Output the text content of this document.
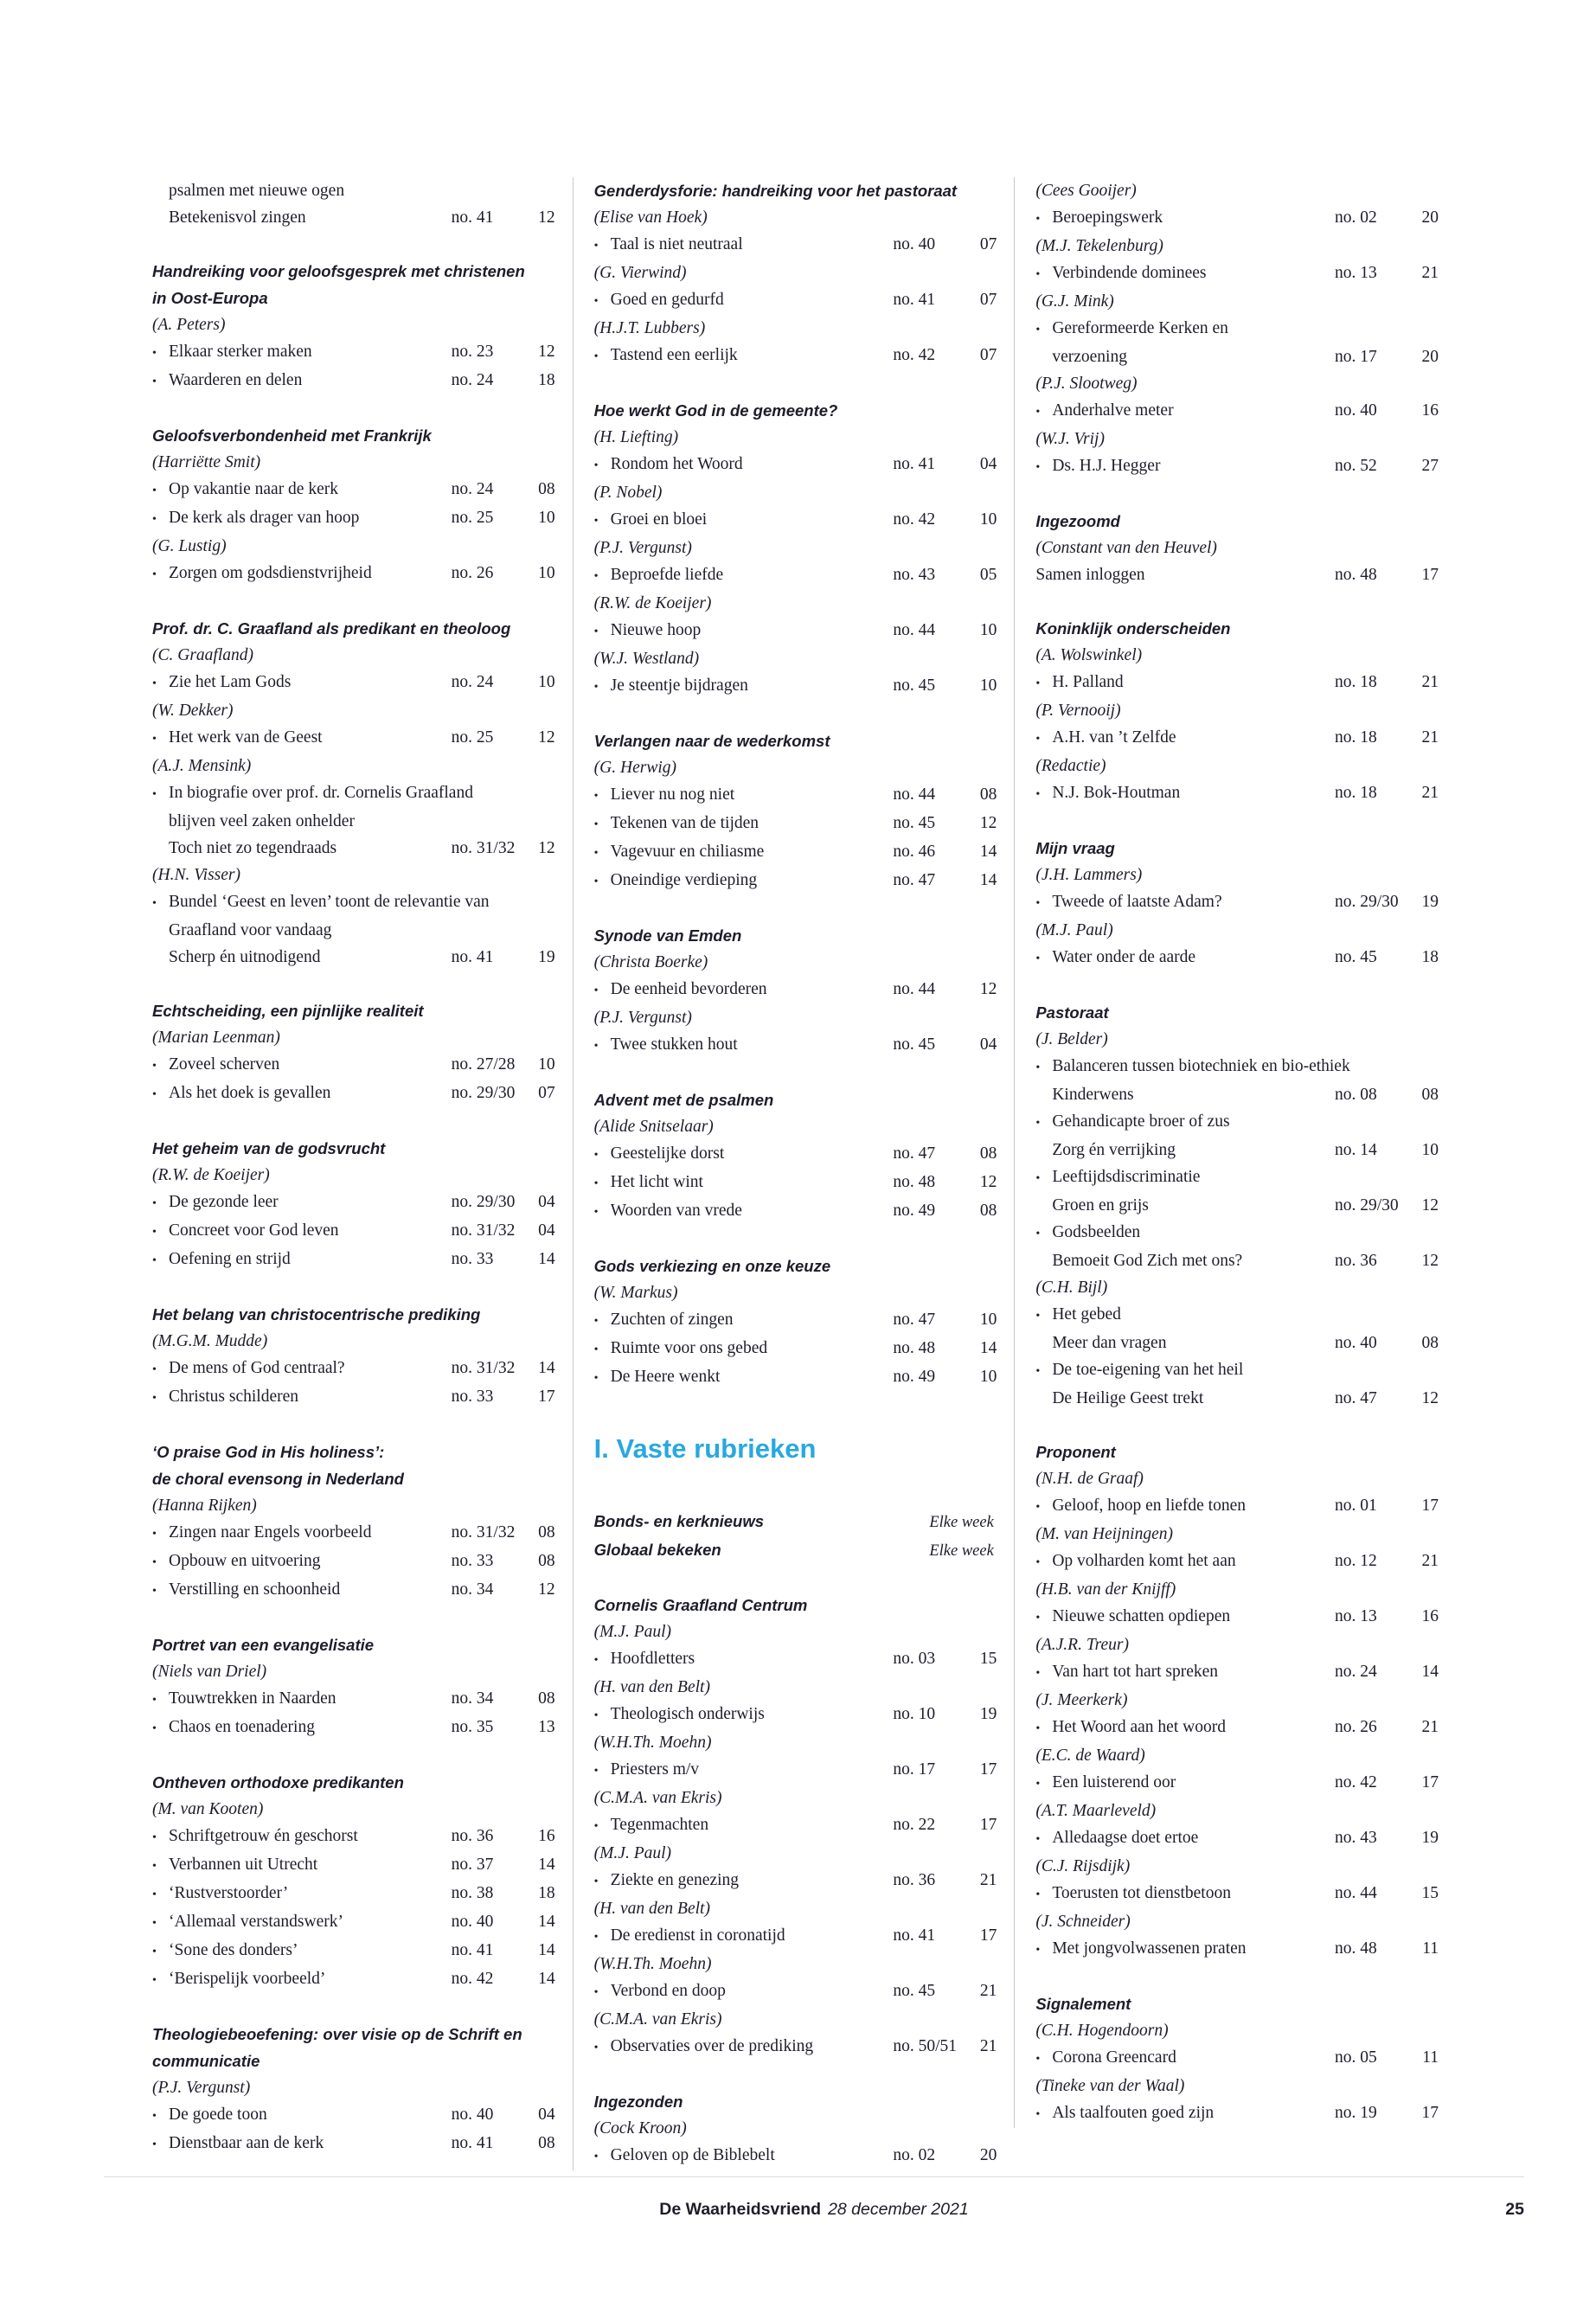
psalmen met nieuwe ogen
Betekenisvol zingen	no. 41	12
Handreiking voor geloofsgesprek met christenen
in Oost-Europa
(A. Peters)
• Elkaar sterker maken	no. 23	12
• Waarderen en delen	no. 24	18
Geloofsverbondenheid met Frankrijk
(Harriëtte Smit)
• Op vakantie naar de kerk	no. 24	08
• De kerk als drager van hoop	no. 25	10
(G. Lustig)
• Zorgen om godsdienstvrijheid	no. 26	10
Prof. dr. C. Graafland als predikant en theoloog
(C. Graafland)
• Zie het Lam Gods	no. 24	10
(W. Dekker)
• Het werk van de Geest	no. 25	12
(A.J. Mensink)
• In biografie over prof. dr. Cornelis Graafland
blijven veel zaken onhelder
Toch niet zo tegendraads	no. 31/32	12
(H.N. Visser)
• Bundel ‘Geest en leven’ toont de relevantie van
Graafland voor vandaag
Scherp én uitnodigend	no. 41	19
Echtscheiding, een pijnlijke realiteit
(Marian Leenman)
• Zoveel scherven	no. 27/28	10
• Als het doek is gevallen	no. 29/30	07
Het geheim van de godsvrucht
(R.W. de Koeijer)
• De gezonde leer	no. 29/30	04
• Concreet voor God leven	no. 31/32	04
• Oefening en strijd	no. 33	14
Het belang van christocentrische prediking
(M.G.M. Mudde)
• De mens of God centraal?	no. 31/32	14
• Christus schilderen	no. 33	17
‘O praise God in His holiness’:
de choral evensong in Nederland
(Hanna Rijken)
• Zingen naar Engels voorbeeld	no. 31/32	08
• Opbouw en uitvoering	no. 33	08
• Verstilling en schoonheid	no. 34	12
Portret van een evangelisatie
(Niels van Driel)
• Touwtrekken in Naarden	no. 34	08
• Chaos en toenadering	no. 35	13
Ontheven orthodoxe predikanten
(M. van Kooten)
• Schriftgetrouw én geschorst	no. 36	16
• Verbannen uit Utrecht	no. 37	14
• ‘Rustverstoorder’	no. 38	18
• ‘Allemaal verstandswerk’	no. 40	14
• ‘Sone des donders’	no. 41	14
• ‘Berispelijk voorbeeld’	no. 42	14
Theologiebeoefening: over visie op de Schrift en
communicatie
(P.J. Vergunst)
• De goede toon	no. 40	04
• Dienstbaar aan de kerk	no. 41	08
Genderdysforie: handreiking voor het pastoraat
(Elise van Hoek)
• Taal is niet neutraal	no. 40	07
(G. Vierwind)
• Goed en gedurfd	no. 41	07
(H.J.T. Lubbers)
• Tastend een eerlijk	no. 42	07
Hoe werkt God in de gemeente?
(H. Liefting)
• Rondom het Woord	no. 41	04
(P. Nobel)
• Groei en bloei	no. 42	10
(P.J. Vergunst)
• Beproefde liefde	no. 43	05
(R.W. de Koeijer)
• Nieuwe hoop	no. 44	10
(W.J. Westland)
• Je steentje bijdragen	no. 45	10
Verlangen naar de wederkomst
(G. Herwig)
• Liever nu nog niet	no. 44	08
• Tekenen van de tijden	no. 45	12
• Vagevuur en chiliasme	no. 46	14
• Oneindige verdieping	no. 47	14
Synode van Emden
(Christa Boerke)
• De eenheid bevorderen	no. 44	12
(P.J. Vergunst)
• Twee stukken hout	no. 45	04
Advent met de psalmen
(Alide Snitselaar)
• Geestelijke dorst	no. 47	08
• Het licht wint	no. 48	12
• Woorden van vrede	no. 49	08
Gods verkiezing en onze keuze
(W. Markus)
• Zuchten of zingen	no. 47	10
• Ruimte voor ons gebed	no. 48	14
• De Heere wenkt	no. 49	10
I. Vaste rubrieken
Bonds- en kerknieuws	Elke week
Globaal bekeken	Elke week
Cornelis Graafland Centrum
(M.J. Paul)
• Hoofdletters	no. 03	15
(H. van den Belt)
• Theologisch onderwijs	no. 10	19
(W.H.Th. Moehn)
• Priesters m/v	no. 17	17
(C.M.A. van Ekris)
• Tegenmachten	no. 22	17
(M.J. Paul)
• Ziekte en genezing	no. 36	21
(H. van den Belt)
• De eredienst in coronatijd	no. 41	17
(W.H.Th. Moehn)
• Verbond en doop	no. 45	21
(C.M.A. van Ekris)
• Observaties over de prediking	no. 50/51	21
Ingezonden
(Cock Kroon)
• Geloven op de Biblebelt	no. 02	20
(Cees Gooijer)
• Beroepingswerk	no. 02	20
(M.J. Tekelenburg)
• Verbindende dominees	no. 13	21
(G.J. Mink)
• Gereformeerde Kerken en
verzoening	no. 17	20
(P.J. Slootweg)
• Anderhalve meter	no. 40	16
(W.J. Vrij)
• Ds. H.J. Hegger	no. 52	27
Ingezoomd
(Constant van den Heuvel)
Samen inloggen	no. 48	17
Koninklijk onderscheiden
(A. Wolswinkel)
• H. Palland	no. 18	21
(P. Vernooij)
• A.H. van ’t Zelfde	no. 18	21
(Redactie)
• N.J. Bok-Houtman	no. 18	21
Mijn vraag
(J.H. Lammers)
• Tweede of laatste Adam?	no. 29/30	19
(M.J. Paul)
• Water onder de aarde	no. 45	18
Pastoraat
(J. Belder)
• Balanceren tussen biotechniek en bio-ethiek
Kinderwens	no. 08	08
• Gehandicapte broer of zus
Zorg én verrijking	no. 14	10
• Leeftijdsdiscriminatie
Groen en grijs	no. 29/30	12
• Godsbeelden
Bemoeit God Zich met ons?	no. 36	12
(C.H. Bijl)
• Het gebed
Meer dan vragen	no. 40	08
• De toe-eigening van het heil
De Heilige Geest trekt	no. 47	12
Proponent
(N.H. de Graaf)
• Geloof, hoop en liefde tonen	no. 01	17
(M. van Heijningen)
• Op volharden komt het aan	no. 12	21
(H.B. van der Knijff)
• Nieuwe schatten opdiepen	no. 13	16
(A.J.R. Treur)
• Van hart tot hart spreken	no. 24	14
(J. Meerkerk)
• Het Woord aan het woord	no. 26	21
(E.C. de Waard)
• Een luisterend oor	no. 42	17
(A.T. Maarleveld)
• Alledaagse doet ertoe	no. 43	19
(C.J. Rijsdijk)
• Toerusten tot dienstbetoon	no. 44	15
(J. Schneider)
• Met jongvolwassenen praten	no. 48	11
Signalement
(C.H. Hogendoorn)
• Corona Greencard	no. 05	11
(Tineke van der Waal)
• Als taalfouten goed zijn	no. 19	17
De Waarheidsvriend 28 december 2021	25
